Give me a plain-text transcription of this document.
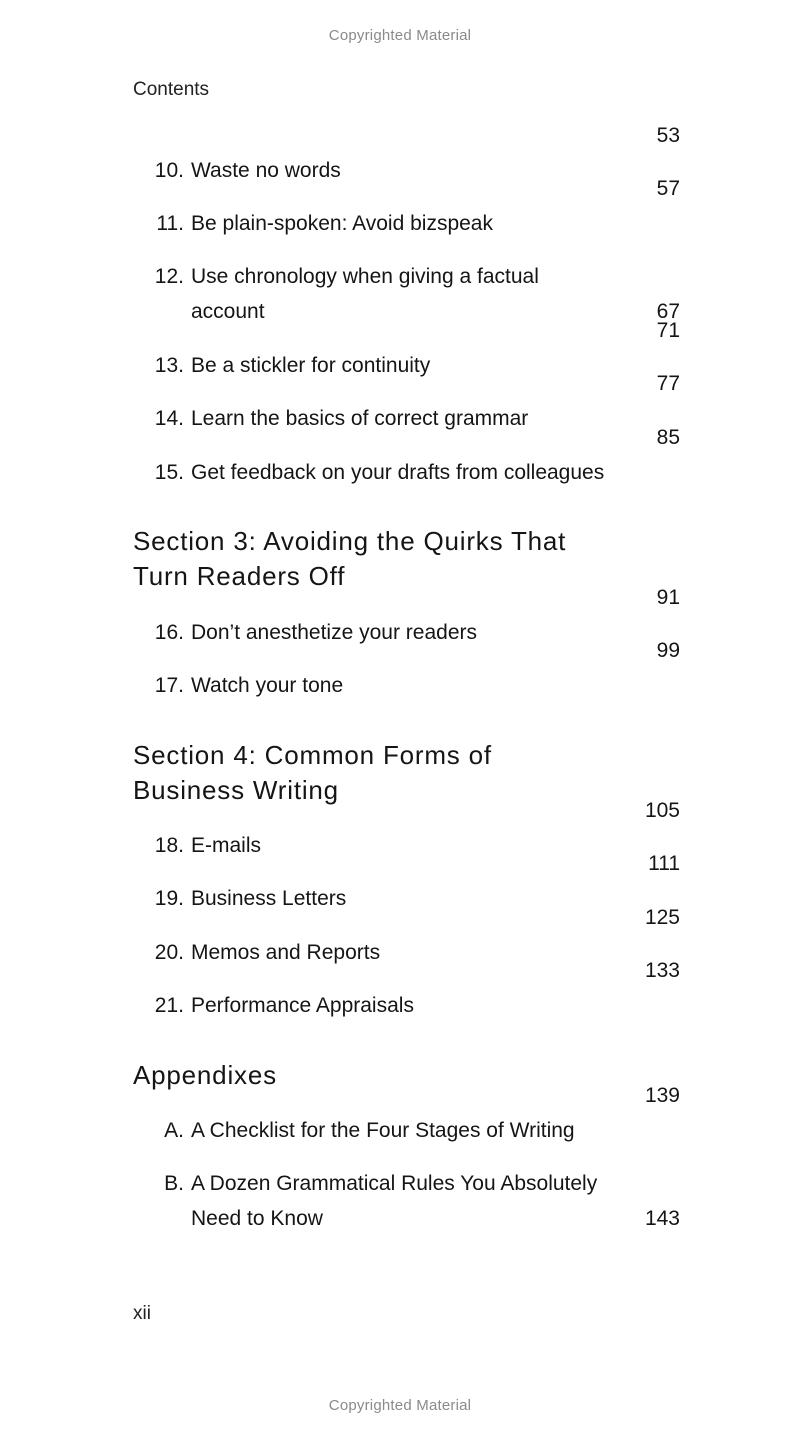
Copyrighted Material
Contents
10. Waste no words
53
11. Be plain-spoken: Avoid bizspeak
57
12. Use chronology when giving a factual account	67
13. Be a stickler for continuity
71
14. Learn the basics of correct grammar
77
15. Get feedback on your drafts from colleagues
85
Section 3: Avoiding the Quirks That Turn Readers Off
16. Don’t anesthetize your readers
91
17. Watch your tone
99
Section 4: Common Forms of Business Writing
18. E-mails
105
19. Business Letters
111
20. Memos and Reports
125
21. Performance Appraisals
133
Appendixes
A. A Checklist for the Four Stages of Writing
139
B. A Dozen Grammatical Rules You Absolutely Need to Know	143
xii
Copyrighted Material
